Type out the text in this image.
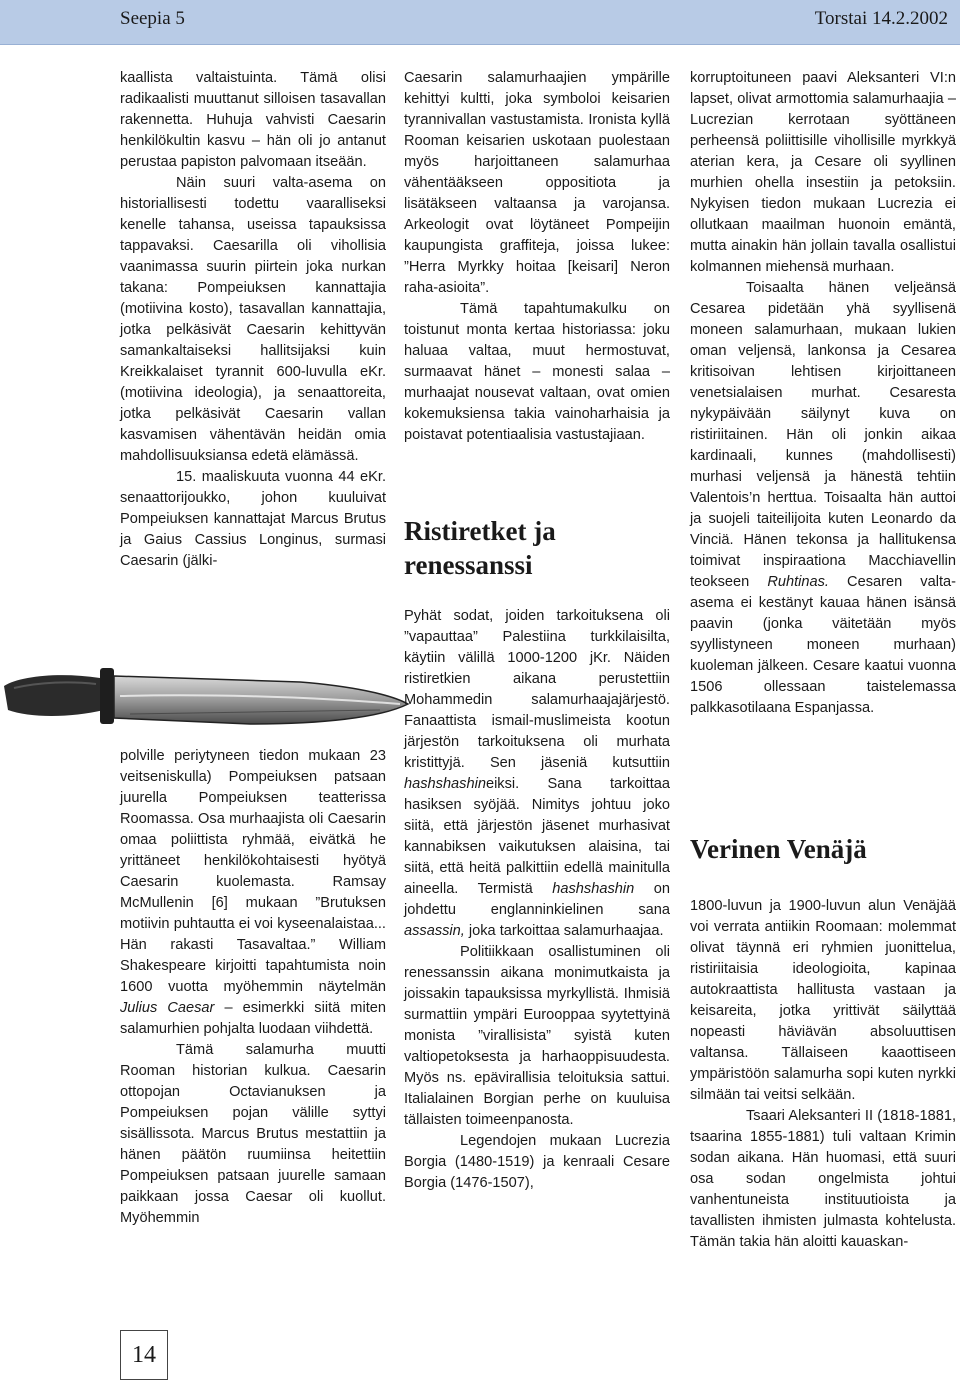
Seepia 5	Torstai 14.2.2002

kaallista valtaistuinta. Tämä olisi radikaalisti muuttanut silloisen tasavallan rakennetta. Huhuja vahvisti Caesarin henkilökultin kasvu – hän oli jo antanut perustaa papiston palvomaan itseään.

Näin suuri valta-asema on historiallisesti todettu vaaralliseksi kenelle tahansa, useissa tapauksissa tappavaksi. Caesarilla oli vihollisia vaanimassa suurin piirtein joka nurkan takana: Pompeiuksen kannattajia (motiivina kosto), tasavallan kannattajia, jotka pelkäsivät Caesarin kehittyvän samankaltaiseksi hallitsijaksi kuin Kreikkalaiset tyrannit 600-luvulla eKr. (motiivina ideologia), ja senaattoreita, jotka pelkäsivät Caesarin vallan kasvamisen vähentävän heidän omia mahdollisuuksiansa edetä elämässä.

15. maaliskuuta vuonna 44 eKr. senaattorijoukko, johon kuuluivat Pompeiuksen kannattajat Marcus Brutus ja Gaius Cassius Longinus, surmasi Caesarin (jälki-

polville periytyneen tiedon mukaan 23 veitseniskulla) Pompeiuksen patsaan juurella Pompeiuksen teatterissa Roomassa. Osa murhaajista oli Caesarin omaa poliittista ryhmää, eivätkä he yrittäneet henkilökohtaisesti hyötyä Caesarin kuolemasta. Ramsay McMullenin [6] mukaan ”Brutuksen motiivin puhtautta ei voi kyseenalaistaa... Hän rakasti Tasavaltaa.” William Shakespeare kirjoitti tapahtumista noin 1600 vuotta myöhemmin näytelmän Julius Caesar – esimerkki siitä miten salamurhien pohjalta luodaan viihdettä.

Tämä salamurha muutti Rooman historian kulkua. Caesarin ottopojan Octavianuksen ja Pompeiuksen pojan välille syttyi sisällissota. Marcus Brutus mestattiin ja hänen päätön ruumiinsa heitettiin Pompeiuksen patsaan juurelle samaan paikkaan jossa Caesar oli kuollut. Myöhemmin

Caesarin salamurhaajien ympärille kehittyi kultti, joka symboloi keisarien tyrannivallan vastustamista. Ironista kyllä Rooman keisarien uskotaan puolestaan myös harjoittaneen salamurhaa vähentääkseen oppositiota ja lisätäkseen valtaansa ja varojansa. Arkeologit ovat löytäneet Pompeijin kaupungista graffiteja, joissa lukee: ”Herra Myrkky hoitaa [keisari] Neron raha-asioita”.

Tämä tapahtumakulku on toistunut monta kertaa historiassa: joku haluaa valtaa, muut hermostuvat, surmaavat hänet – monesti salaa – murhaajat nousevat valtaan, ovat omien kokemuksiensa takia vainoharhaisia ja poistavat potentiaalisia vastustajiaan.

Ristiretket ja renessanssi

Pyhät sodat, joiden tarkoituksena oli ”vapauttaa” Palestiina turkkilaisilta, käytiin välillä 1000-1200 jKr. Näiden ristiretkien aikana perustettiin Mohammedin salamurhaajajärjestö. Fanaattista ismail-muslimeista kootun järjestön tarkoituksena oli murhata kristittyjä. Sen jäseniä kutsuttiin hashshashineiksi. Sana tarkoittaa hasiksen syöjää. Nimitys johtuu joko siitä, että järjestön jäsenet murhasivat kannabiksen vaikutuksen alaisina, tai siitä, että heitä palkittiin edellä mainitulla aineella. Termistä hashshashin on johdettu englanninkielinen sana assassin, joka tarkoittaa salamurhaajaa.

Politiikkaan osallistuminen oli renessanssin aikana monimutkaista ja joissakin tapauksissa myrkyllistä. Ihmisiä surmattiin ympäri Eurooppaa syytettyinä monista ”virallisista” syistä kuten valtiopetoksesta ja harhaoppisuudesta. Myös ns. epävirallisia teloituksia sattui. Italialainen Borgian perhe on kuuluisa tällaisten toimeenpanosta.

Legendojen mukaan Lucrezia Borgia (1480-1519) ja kenraali Cesare Borgia (1476-1507),

korruptoituneen paavi Aleksanteri VI:n lapset, olivat armottomia salamurhaajia – Lucrezian kerrotaan syöttäneen perheensä poliittisille vihollisille myrkkyä aterian kera, ja Cesare oli syyllinen murhien ohella insestiin ja petoksiin. Nykyisen tiedon mukaan Lucrezia ei ollutkaan maailman huonoin emäntä, mutta ainakin hän jollain tavalla osallistui kolmannen miehensä murhaan.

Toisaalta hänen veljeänsä Cesarea pidetään yhä syyllisenä moneen salamurhaan, mukaan lukien oman veljensä, lankonsa ja Cesarea kritisoivan lehtisen kirjoittaneen venetsialaisen murhat. Cesaresta nykypäivään säilynyt kuva on ristiriitainen. Hän oli jonkin aikaa kardinaali, kunnes (mahdollisesti) murhasi veljensä ja hänestä tehtiin Valentois’n herttua. Toisaalta hän auttoi ja suojeli taiteilijoita kuten Leonardo da Vinciä. Hänen tekonsa ja hallitukensa toimivat inspiraationa Macchiavellin teokseen Ruhtinas. Cesaren valta-asema ei kestänyt kauaa hänen isänsä paavin (jonka väitetään myös syyllistyneen moneen murhaan) kuoleman jälkeen. Cesare kaatui vuonna 1506 ollessaan taistelemassa palkkasotilaana Espanjassa.

Verinen Venäjä

1800-luvun ja 1900-luvun alun Venäjää voi verrata antiikin Roomaan: molemmat olivat täynnä eri ryhmien juonittelua, ristiriitaisia ideologioita, kapinaa autokraattista hallitusta vastaan ja keisareita, jotka yrittivät säilyttää nopeasti häviävän absoluuttisen valtansa. Tällaiseen kaaottiseen ympäristöön salamurha sopi kuten nyrkki silmään tai veitsi selkään.

Tsaari Aleksanteri II (1818-1881, tsaarina 1855-1881) tuli valtaan Krimin sodan aikana. Hän huomasi, että suuri osa sodan ongelmista johtui vanhentuneista instituutioista ja tavallisten ihmisten julmasta kohtelusta. Tämän takia hän aloitti kauaskan-

14
